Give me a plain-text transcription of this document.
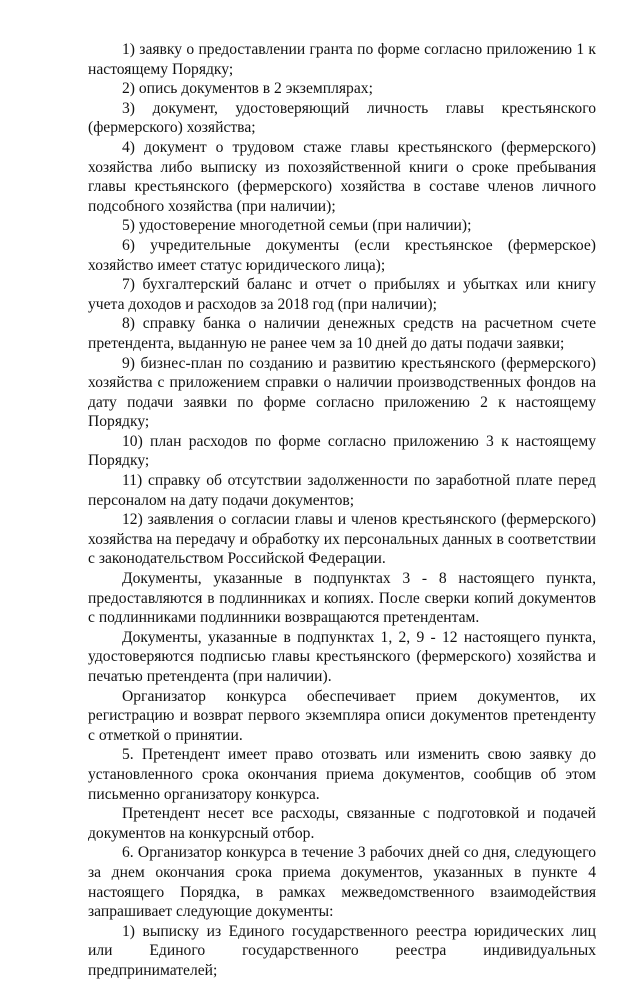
1) заявку о предоставлении гранта по форме согласно приложению 1 к настоящему Порядку;

2) опись документов в 2 экземплярах;

3) документ, удостоверяющий личность главы крестьянского (фермерского) хозяйства;

4) документ о трудовом стаже главы крестьянского (фермерского) хозяйства либо выписку из похозяйственной книги о сроке пребывания главы крестьянского (фермерского) хозяйства в составе членов личного подсобного хозяйства (при наличии);

5) удостоверение многодетной семьи (при наличии);

6) учредительные документы (если крестьянское (фермерское) хозяйство имеет статус юридического лица);

7) бухгалтерский баланс и отчет о прибылях и убытках или книгу учета доходов и расходов за 2018 год (при наличии);

8) справку банка о наличии денежных средств на расчетном счете претендента, выданную не ранее чем за 10 дней до даты подачи заявки;

9) бизнес-план по созданию и развитию крестьянского (фермерского) хозяйства с приложением справки о наличии производственных фондов на дату подачи заявки по форме согласно приложению 2 к настоящему Порядку;

10) план расходов по форме согласно приложению 3 к настоящему Порядку;

11) справку об отсутствии задолженности по заработной плате перед персоналом на дату подачи документов;

12) заявления о согласии главы и членов крестьянского (фермерского) хозяйства на передачу и обработку их персональных данных в соответствии с законодательством Российской Федерации.

Документы, указанные в подпунктах 3 - 8 настоящего пункта, предоставляются в подлинниках и копиях. После сверки копий документов с подлинниками подлинники возвращаются претендентам.

Документы, указанные в подпунктах 1, 2, 9 - 12 настоящего пункта, удостоверяются подписью главы крестьянского (фермерского) хозяйства и печатью претендента (при наличии).

Организатор конкурса обеспечивает прием документов, их регистрацию и возврат первого экземпляра описи документов претенденту с отметкой о принятии.

5. Претендент имеет право отозвать или изменить свою заявку до установленного срока окончания приема документов, сообщив об этом письменно организатору конкурса.

Претендент несет все расходы, связанные с подготовкой и подачей документов на конкурсный отбор.

6. Организатор конкурса в течение 3 рабочих дней со дня, следующего за днем окончания срока приема документов, указанных в пункте 4 настоящего Порядка, в рамках межведомственного взаимодействия запрашивает следующие документы:

1) выписку из Единого государственного реестра юридических лиц или Единого государственного реестра индивидуальных предпринимателей;
